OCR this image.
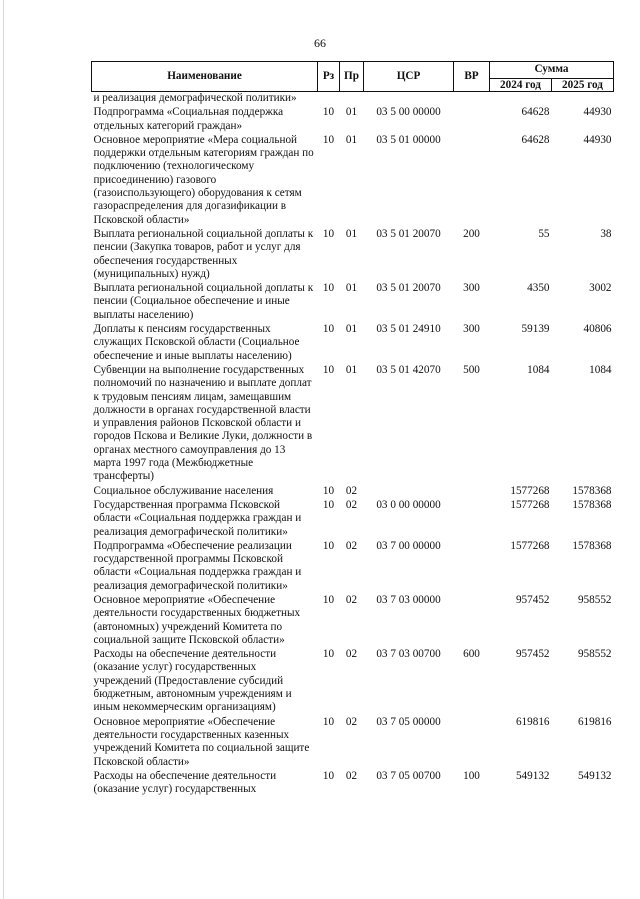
66
Наименование	Рз	Пр	ЦСР	ВР	Сумма	
					2024 год	2025 год
и реализация демографической политики»						
Подпрограмма «Социальная поддержка отдельных категорий граждан»	10	01	03 5 00 00000		64628	44930
Основное мероприятие «Мера социальной поддержки отдельным категориям граждан по подключению (технологическому присоединению) газового (газоиспользующего) оборудования к сетям газораспределения для догазификации в Псковской области»	10	01	03 5 01 00000		64628	44930
Выплата региональной социальной доплаты к пенсии (Закупка товаров, работ и услуг для обеспечения государственных (муниципальных) нужд)	10	01	03 5 01 20070	200	55	38
Выплата региональной социальной доплаты к пенсии (Социальное обеспечение и иные выплаты населению)	10	01	03 5 01 20070	300	4350	3002
Доплаты к пенсиям государственных служащих Псковской области (Социальное обеспечение и иные выплаты населению)	10	01	03 5 01 24910	300	59139	40806
Субвенции на выполнение государственных полномочий по назначению и выплате доплат к трудовым пенсиям лицам, замещавшим должности в органах государственной власти и управления районов Псковской области и городов Пскова и Великие Луки, должности в органах местного самоуправления до 13 марта 1997 года (Межбюджетные трансферты)	10	01	03 5 01 42070	500	1084	1084
Социальное обслуживание населения	10	02			1577268	1578368
Государственная программа Псковской области «Социальная поддержка граждан и реализация демографической политики»	10	02	03 0 00 00000		1577268	1578368
Подпрограмма «Обеспечение реализации государственной программы Псковской области «Социальная поддержка граждан и реализация демографической политики»	10	02	03 7 00 00000		1577268	1578368
Основное мероприятие «Обеспечение деятельности государственных бюджетных (автономных) учреждений Комитета по социальной защите Псковской области»	10	02	03 7 03 00000		957452	958552
Расходы на обеспечение деятельности (оказание услуг) государственных учреждений (Предоставление субсидий бюджетным, автономным учреждениям и иным некоммерческим организациям)	10	02	03 7 03 00700	600	957452	958552
Основное мероприятие «Обеспечение деятельности государственных казенных учреждений Комитета по социальной защите Псковской области»	10	02	03 7 05 00000		619816	619816
Расходы на обеспечение деятельности (оказание услуг) государственных	10	02	03 7 05 00700	100	549132	549132
